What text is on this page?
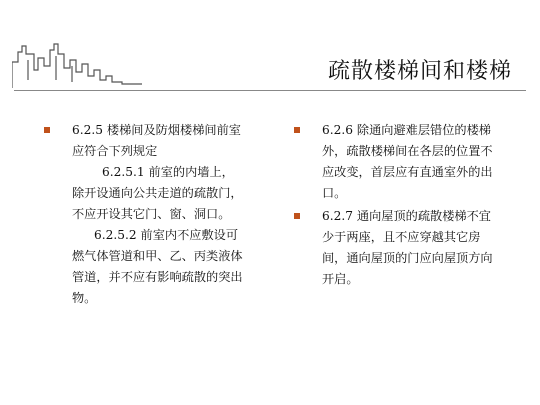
疏散楼梯间和楼梯
6.2.5 楼梯间及防烟楼梯间前室
应符合下列规定
6.2.5.1 前室的内墙上，
除开设通向公共走道的疏散门，
不应开设其它门、窗、洞口。
6.2.5.2 前室内不应敷设可
燃气体管道和甲、乙、丙类液体
管道，并不应有影响疏散的突出
物。
6.2.6 除通向避难层错位的楼梯
外，疏散楼梯间在各层的位置不
应改变，首层应有直通室外的出
口。
6.2.7 通向屋顶的疏散楼梯不宜
少于两座，且不应穿越其它房
间，通向屋顶的门应向屋顶方向
开启。
